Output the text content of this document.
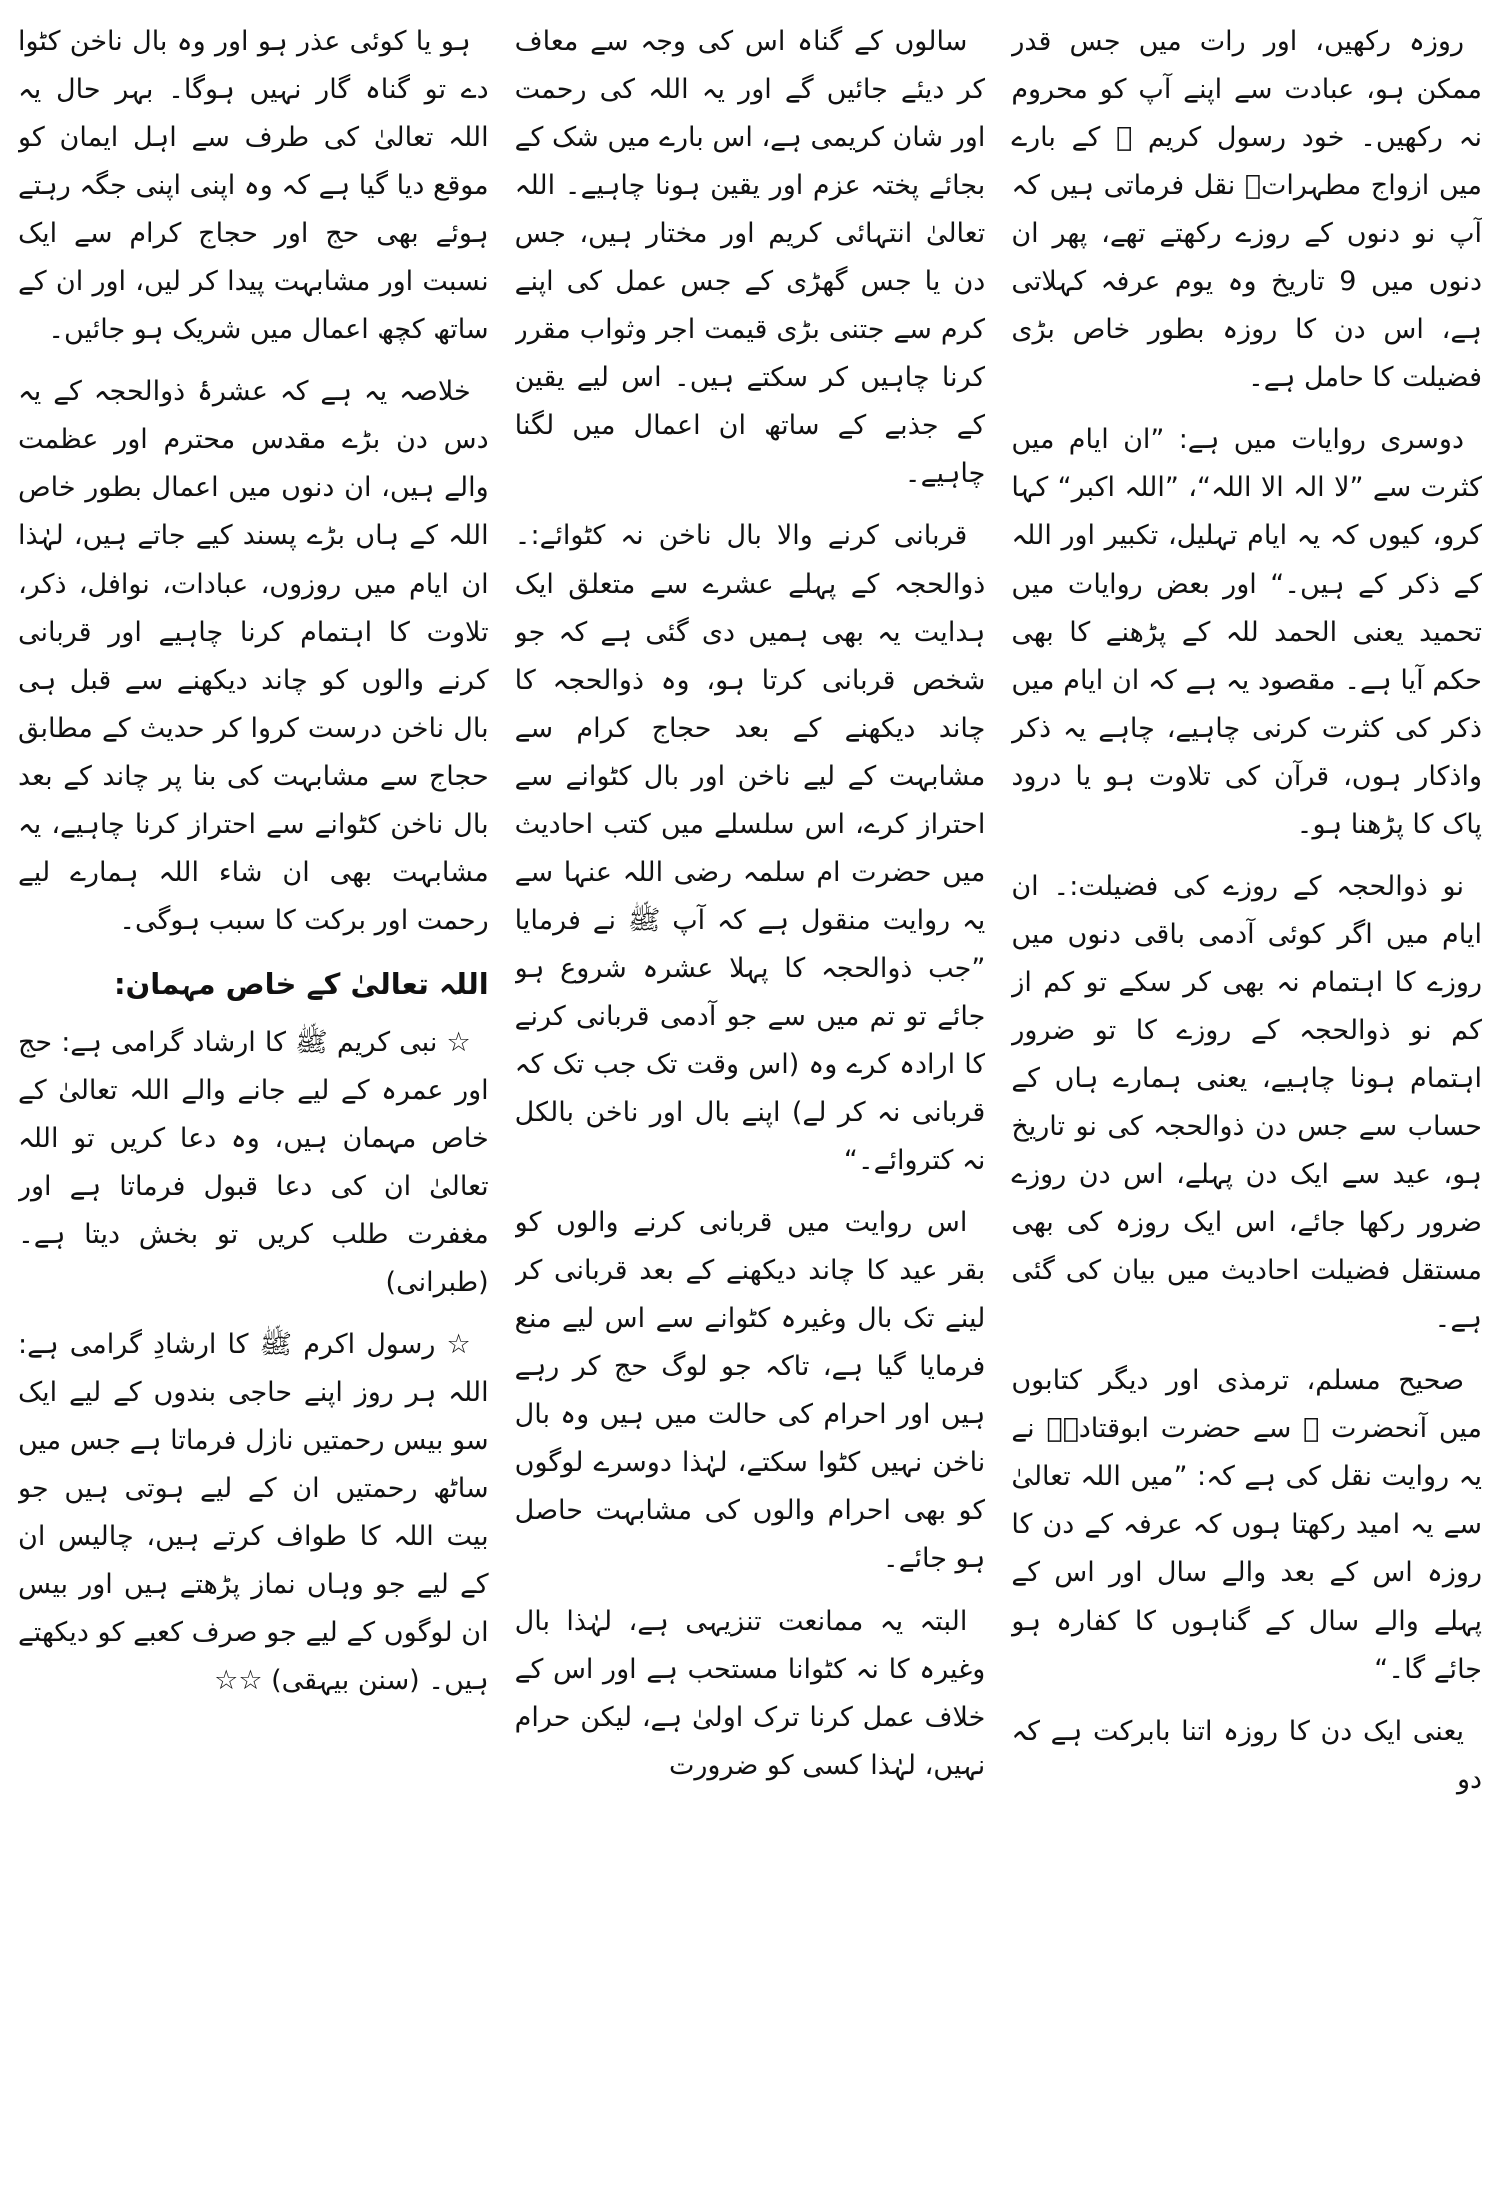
روزہ رکھیں، اور رات میں جس قدر ممکن ہو، عبادت سے اپنے آپ کو محروم نہ رکھیں۔ خود رسول کریم ﷺ کے بارے میں ازواج مطہراتؓ نقل فرماتی ہیں کہ آپ نو دنوں کے روزے رکھتے تھے، پھر ان دنوں میں 9 تاریخ وہ یوم عرفہ کہلاتی ہے، اس دن کا روزہ بطور خاص بڑی فضیلت کا حامل ہے۔

دوسری روایات میں ہے: ”ان ایام میں کثرت سے ”لا الہ الا اللہ“، ”اللہ اکبر“ کہا کرو، کیوں کہ یہ ایام تہلیل، تکبیر اور اللہ کے ذکر کے ہیں۔“ اور بعض روایات میں تحمید یعنی الحمد للہ کے پڑھنے کا بھی حکم آیا ہے۔ مقصود یہ ہے کہ ان ایام میں ذکر کی کثرت کرنی چاہیے، چاہے یہ ذکر واذکار ہوں، قرآن کی تلاوت ہو یا درود پاک کا پڑھنا ہو۔

نو ذوالحجہ کے روزے کی فضیلت:۔ ان ایام میں اگر کوئی آدمی باقی دنوں میں روزے کا اہتمام نہ بھی کر سکے تو کم از کم نو ذوالحجہ کے روزے کا تو ضرور اہتمام ہونا چاہیے، یعنی ہمارے ہاں کے حساب سے جس دن ذوالحجہ کی نو تاریخ ہو، عید سے ایک دن پہلے، اس دن روزے ضرور رکھا جائے، اس ایک روزہ کی بھی مستقل فضیلت احادیث میں بیان کی گئی ہے۔

صحیح مسلم، ترمذی اور دیگر کتابوں میں آنحضرت ﷺ سے حضرت ابوقتادہؓ نے یہ روایت نقل کی ہے کہ: ”میں اللہ تعالیٰ سے یہ امید رکھتا ہوں کہ عرفہ کے دن کا روزہ اس کے بعد والے سال اور اس کے پہلے والے سال کے گناہوں کا کفارہ ہو جائے گا۔“

یعنی ایک دن کا روزہ اتنا بابرکت ہے کہ دو

سالوں کے گناہ اس کی وجہ سے معاف کر دیئے جائیں گے اور یہ اللہ کی رحمت اور شان کریمی ہے، اس بارے میں شک کے بجائے پختہ عزم اور یقین ہونا چاہیے۔ اللہ تعالیٰ انتہائی کریم اور مختار ہیں، جس دن یا جس گھڑی کے جس عمل کی اپنے کرم سے جتنی بڑی قیمت اجر وثواب مقرر کرنا چاہیں کر سکتے ہیں۔ اس لیے یقین کے جذبے کے ساتھ ان اعمال میں لگنا چاہیے۔

قربانی کرنے والا بال ناخن نہ کٹوائے:۔ ذوالحجہ کے پہلے عشرے سے متعلق ایک ہدایت یہ بھی ہمیں دی گئی ہے کہ جو شخص قربانی کرتا ہو، وہ ذوالحجہ کا چاند دیکھنے کے بعد حجاج کرام سے مشابہت کے لیے ناخن اور بال کٹوانے سے احتراز کرے، اس سلسلے میں کتب احادیث میں حضرت ام سلمہ رضی اللہ عنہا سے یہ روایت منقول ہے کہ آپ ﷺ نے فرمایا ”جب ذوالحجہ کا پہلا عشرہ شروع ہو جائے تو تم میں سے جو آدمی قربانی کرنے کا ارادہ کرے وہ (اس وقت تک جب تک کہ قربانی نہ کر لے) اپنے بال اور ناخن بالکل نہ کتروائے۔“

اس روایت میں قربانی کرنے والوں کو بقر عید کا چاند دیکھنے کے بعد قربانی کر لینے تک بال وغیرہ کٹوانے سے اس لیے منع فرمایا گیا ہے، تاکہ جو لوگ حج کر رہے ہیں اور احرام کی حالت میں ہیں وہ بال ناخن نہیں کٹوا سکتے، لہٰذا دوسرے لوگوں کو بھی احرام والوں کی مشابہت حاصل ہو جائے۔

البتہ یہ ممانعت تنزیہی ہے، لہٰذا بال وغیرہ کا نہ کٹوانا مستحب ہے اور اس کے خلاف عمل کرنا ترک اولیٰ ہے، لیکن حرام نہیں، لہٰذا کسی کو ضرورت

ہو یا کوئی عذر ہو اور وہ بال ناخن کٹوا دے تو گناہ گار نہیں ہوگا۔ بہر حال یہ اللہ تعالیٰ کی طرف سے اہل ایمان کو موقع دیا گیا ہے کہ وہ اپنی اپنی جگہ رہتے ہوئے بھی حج اور حجاج کرام سے ایک نسبت اور مشابہت پیدا کر لیں، اور ان کے ساتھ کچھ اعمال میں شریک ہو جائیں۔

خلاصہ یہ ہے کہ عشرۂ ذوالحجہ کے یہ دس دن بڑے مقدس محترم اور عظمت والے ہیں، ان دنوں میں اعمال بطور خاص اللہ کے ہاں بڑے پسند کیے جاتے ہیں، لہٰذا ان ایام میں روزوں، عبادات، نوافل، ذکر، تلاوت کا اہتمام کرنا چاہیے اور قربانی کرنے والوں کو چاند دیکھنے سے قبل ہی بال ناخن درست کروا کر حدیث کے مطابق حجاج سے مشابہت کی بنا پر چاند کے بعد بال ناخن کٹوانے سے احتراز کرنا چاہیے، یہ مشابہت بھی ان شاء اللہ ہمارے لیے رحمت اور برکت کا سبب ہوگی۔

اللہ تعالیٰ کے خاص مہمان:

☆ نبی کریم ﷺ کا ارشاد گرامی ہے: حج اور عمرہ کے لیے جانے والے اللہ تعالیٰ کے خاص مہمان ہیں، وہ دعا کریں تو اللہ تعالیٰ ان کی دعا قبول فرماتا ہے اور مغفرت طلب کریں تو بخش دیتا ہے۔ (طبرانی)

☆ رسول اکرم ﷺ کا ارشادِ گرامی ہے: اللہ ہر روز اپنے حاجی بندوں کے لیے ایک سو بیس رحمتیں نازل فرماتا ہے جس میں ساٹھ رحمتیں ان کے لیے ہوتی ہیں جو بیت اللہ کا طواف کرتے ہیں، چالیس ان کے لیے جو وہاں نماز پڑھتے ہیں اور بیس ان لوگوں کے لیے جو صرف کعبے کو دیکھتے ہیں۔ (سنن بیہقی) ☆☆
